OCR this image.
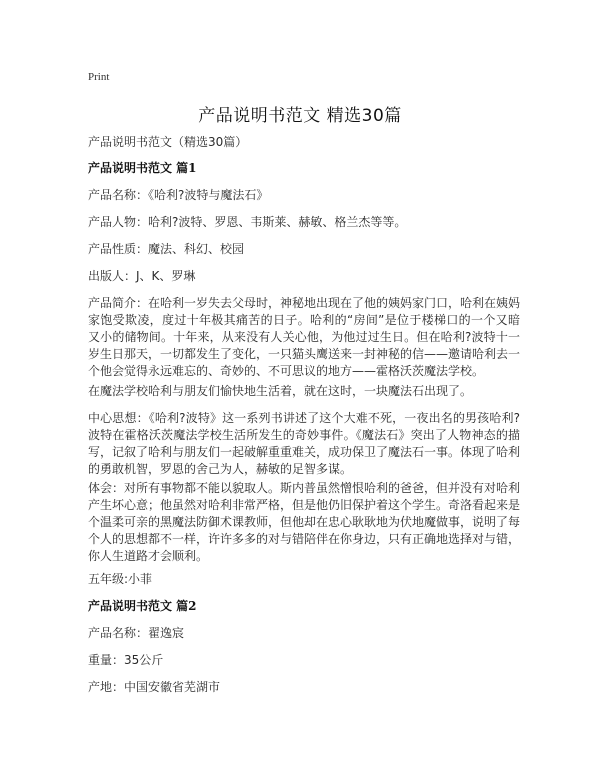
Print
产品说明书范文 精选30篇
产品说明书范文（精选30篇）
产品说明书范文 篇1
产品名称：《哈利?波特与魔法石》
产品人物：哈利?波特、罗恩、韦斯莱、赫敏、格兰杰等等。
产品性质：魔法、科幻、校园
出版人：J、K、罗琳
产品简介：在哈利一岁失去父母时，神秘地出现在了他的姨妈家门口，哈利在姨妈家饱受欺凌，度过十年极其痛苦的日子。哈利的“房间”是位于楼梯口的一个又暗又小的储物间。十年来，从来没有人关心他，为他过过生日。但在哈利?波特十一岁生日那天，一切都发生了变化，一只猫头鹰送来一封神秘的信——邀请哈利去一个他会觉得永远难忘的、奇妙的、不可思议的地方——霍格沃茨魔法学校。
在魔法学校哈利与朋友们愉快地生活着，就在这时，一块魔法石出现了。
中心思想：《哈利?波特》这一系列书讲述了这个大难不死，一夜出名的男孩哈利?波特在霍格沃茨魔法学校生活所发生的奇妙事件。《魔法石》突出了人物神态的描写，记叙了哈利与朋友们一起破解重重难关，成功保卫了魔法石一事。体现了哈利的勇敢机智，罗恩的舍己为人，赫敏的足智多谋。
体会：对所有事物都不能以貌取人。斯内普虽然憎恨哈利的爸爸，但并没有对哈利产生坏心意；他虽然对哈利非常严格，但是他仍旧保护着这个学生。奇洛看起来是个温柔可亲的黑魔法防御术课教师，但他却在忠心耿耿地为伏地魔做事，说明了每个人的思想都不一样，许许多多的对与错陪伴在你身边，只有正确地选择对与错，你人生道路才会顺利。
五年级:小菲
产品说明书范文 篇2
产品名称：翟逸宸
重量：35公斤
产地：中国安徽省芜湖市
